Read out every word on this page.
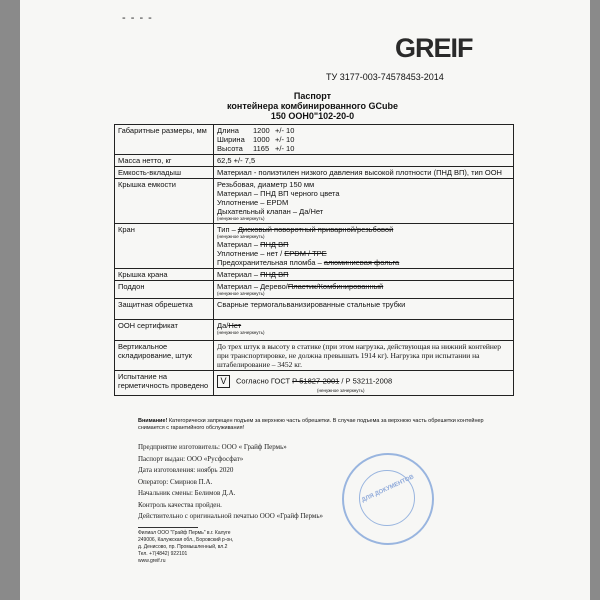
- - - -
GREIF
ТУ 3177-003-74578453-2014
Паспорт
контейнера комбинированного GCube
150 ООН0"102-20-0
Габаритные размеры, мм	Длина 1200 +/- 10
Ширина 1000 +/- 10
Высота 1165 +/- 10

Масса нетто, кг	62,5 +/- 7,5
Емкость-вкладыш	Материал - полиэтилен низкого давления высокой плотности (ПНД ВП), тип ООН
Крышка емкости	Резьбовая, диаметр 150 мм
Материал – ПНД ВП черного цвета
Уплотнение – EPDM
Дыхательный клапан – Да/Нет
(ненужное зачеркнуть)

Кран	Тип – Дисковый поворотный приварной/резьбовой
(ненужное зачеркнуть)
Материал – ПНД ВП
Уплотнение – нет / EPDM / TPE
Предохранительная пломба – алюминиевая фольга

Крышка крана	Материал – ПНД ВП
Поддон	Материал – Дерево/Пластик/Комбинированный
(ненужное зачеркнуть)

Защитная обрешетка	Сварные термогальванизированные стальные трубки
ООН сертификат	Да/Нет
(ненужное зачеркнуть)

Вертикальное складирование, штук	До трех штук в высоту в статике (при этом нагрузка, действующая на нижний контейнер при транспортировке, не должна превышать 1914 кг). Нагрузка при испытании на штабелирование – 3452 кг.
Испытание на герметичность проведено	V Согласно ГОСТ Р 51827-2001 / Р 53211-2008
(ненужное зачеркнуть)
Внимание! Категорически запрещен подъем за верхнюю часть обрешетки. В случае подъема за верхнюю часть обрешетки контейнер снимается с гарантийного обслуживания!
Предприятие изготовитель: ООО « Грайф Пермь»
Паспорт выдан: ООО «Русфосфат»
Дата изготовления: ноябрь 2020
Оператор: Смирнов П.А.
Начальник смены: Белимов Д.А.
Контроль качества пройден.
Действительно с оригинальной печатью ООО «Грайф Пермь»
ДЛЯ ДОКУМЕНТОВ
Филиал ООО "Грайф Пермь" в.г. Калуге
249006, Калужская обл., Боровский р-он,
д. Денисово, пр. Промышленный, вл.2
Тел. +7(4842) 922101
www.greif.ru
